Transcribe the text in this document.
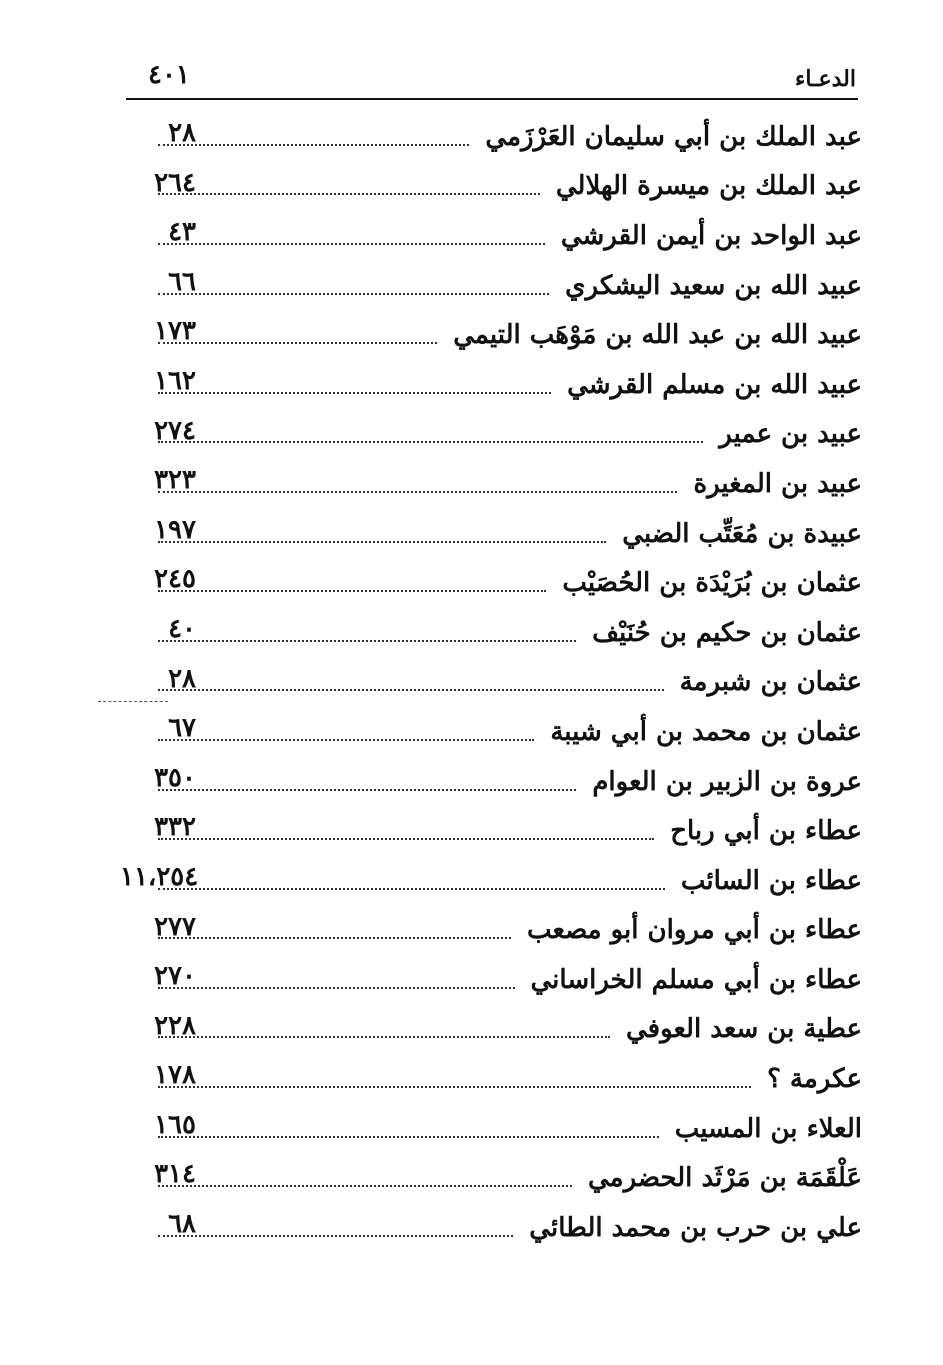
الدعـاء
٤٠١
عبد الملك بن أبي سليمان العَرْزَمي
٢٨
عبد الملك بن ميسرة الهلالي
٢٦٤
عبد الواحد بن أيمن القرشي
٤٣
عبيد الله بن سعيد اليشكري
٦٦
عبيد الله بن عبد الله بن مَوْهَب التيمي
١٧٣
عبيد الله بن مسلم القرشي
١٦٢
عبيد بن عمير
٢٧٤
عبيد بن المغيرة
٣٢٣
عبيدة بن مُعَتِّب الضبي
١٩٧
عثمان بن بُرَيْدَة بن الحُصَيْب
٢٤٥
عثمان بن حكيم بن حُنَيْف
٤٠
عثمان بن شبرمة
٢٨
عثمان بن محمد بن أبي شيبة
٦٧
عروة بن الزبير بن العوام
٣٥٠
عطاء بن أبي رباح
٣٣٢
عطاء بن السائب
١١،٢٥٤
عطاء بن أبي مروان أبو مصعب
٢٧٧
عطاء بن أبي مسلم الخراساني
٢٧٠
عطية بن سعد العوفي
٢٢٨
عكرمة ؟
١٧٨
العلاء بن المسيب
١٦٥
عَلْقَمَة بن مَرْثَد الحضرمي
٣١٤
علي بن حرب بن محمد الطائي
٦٨
